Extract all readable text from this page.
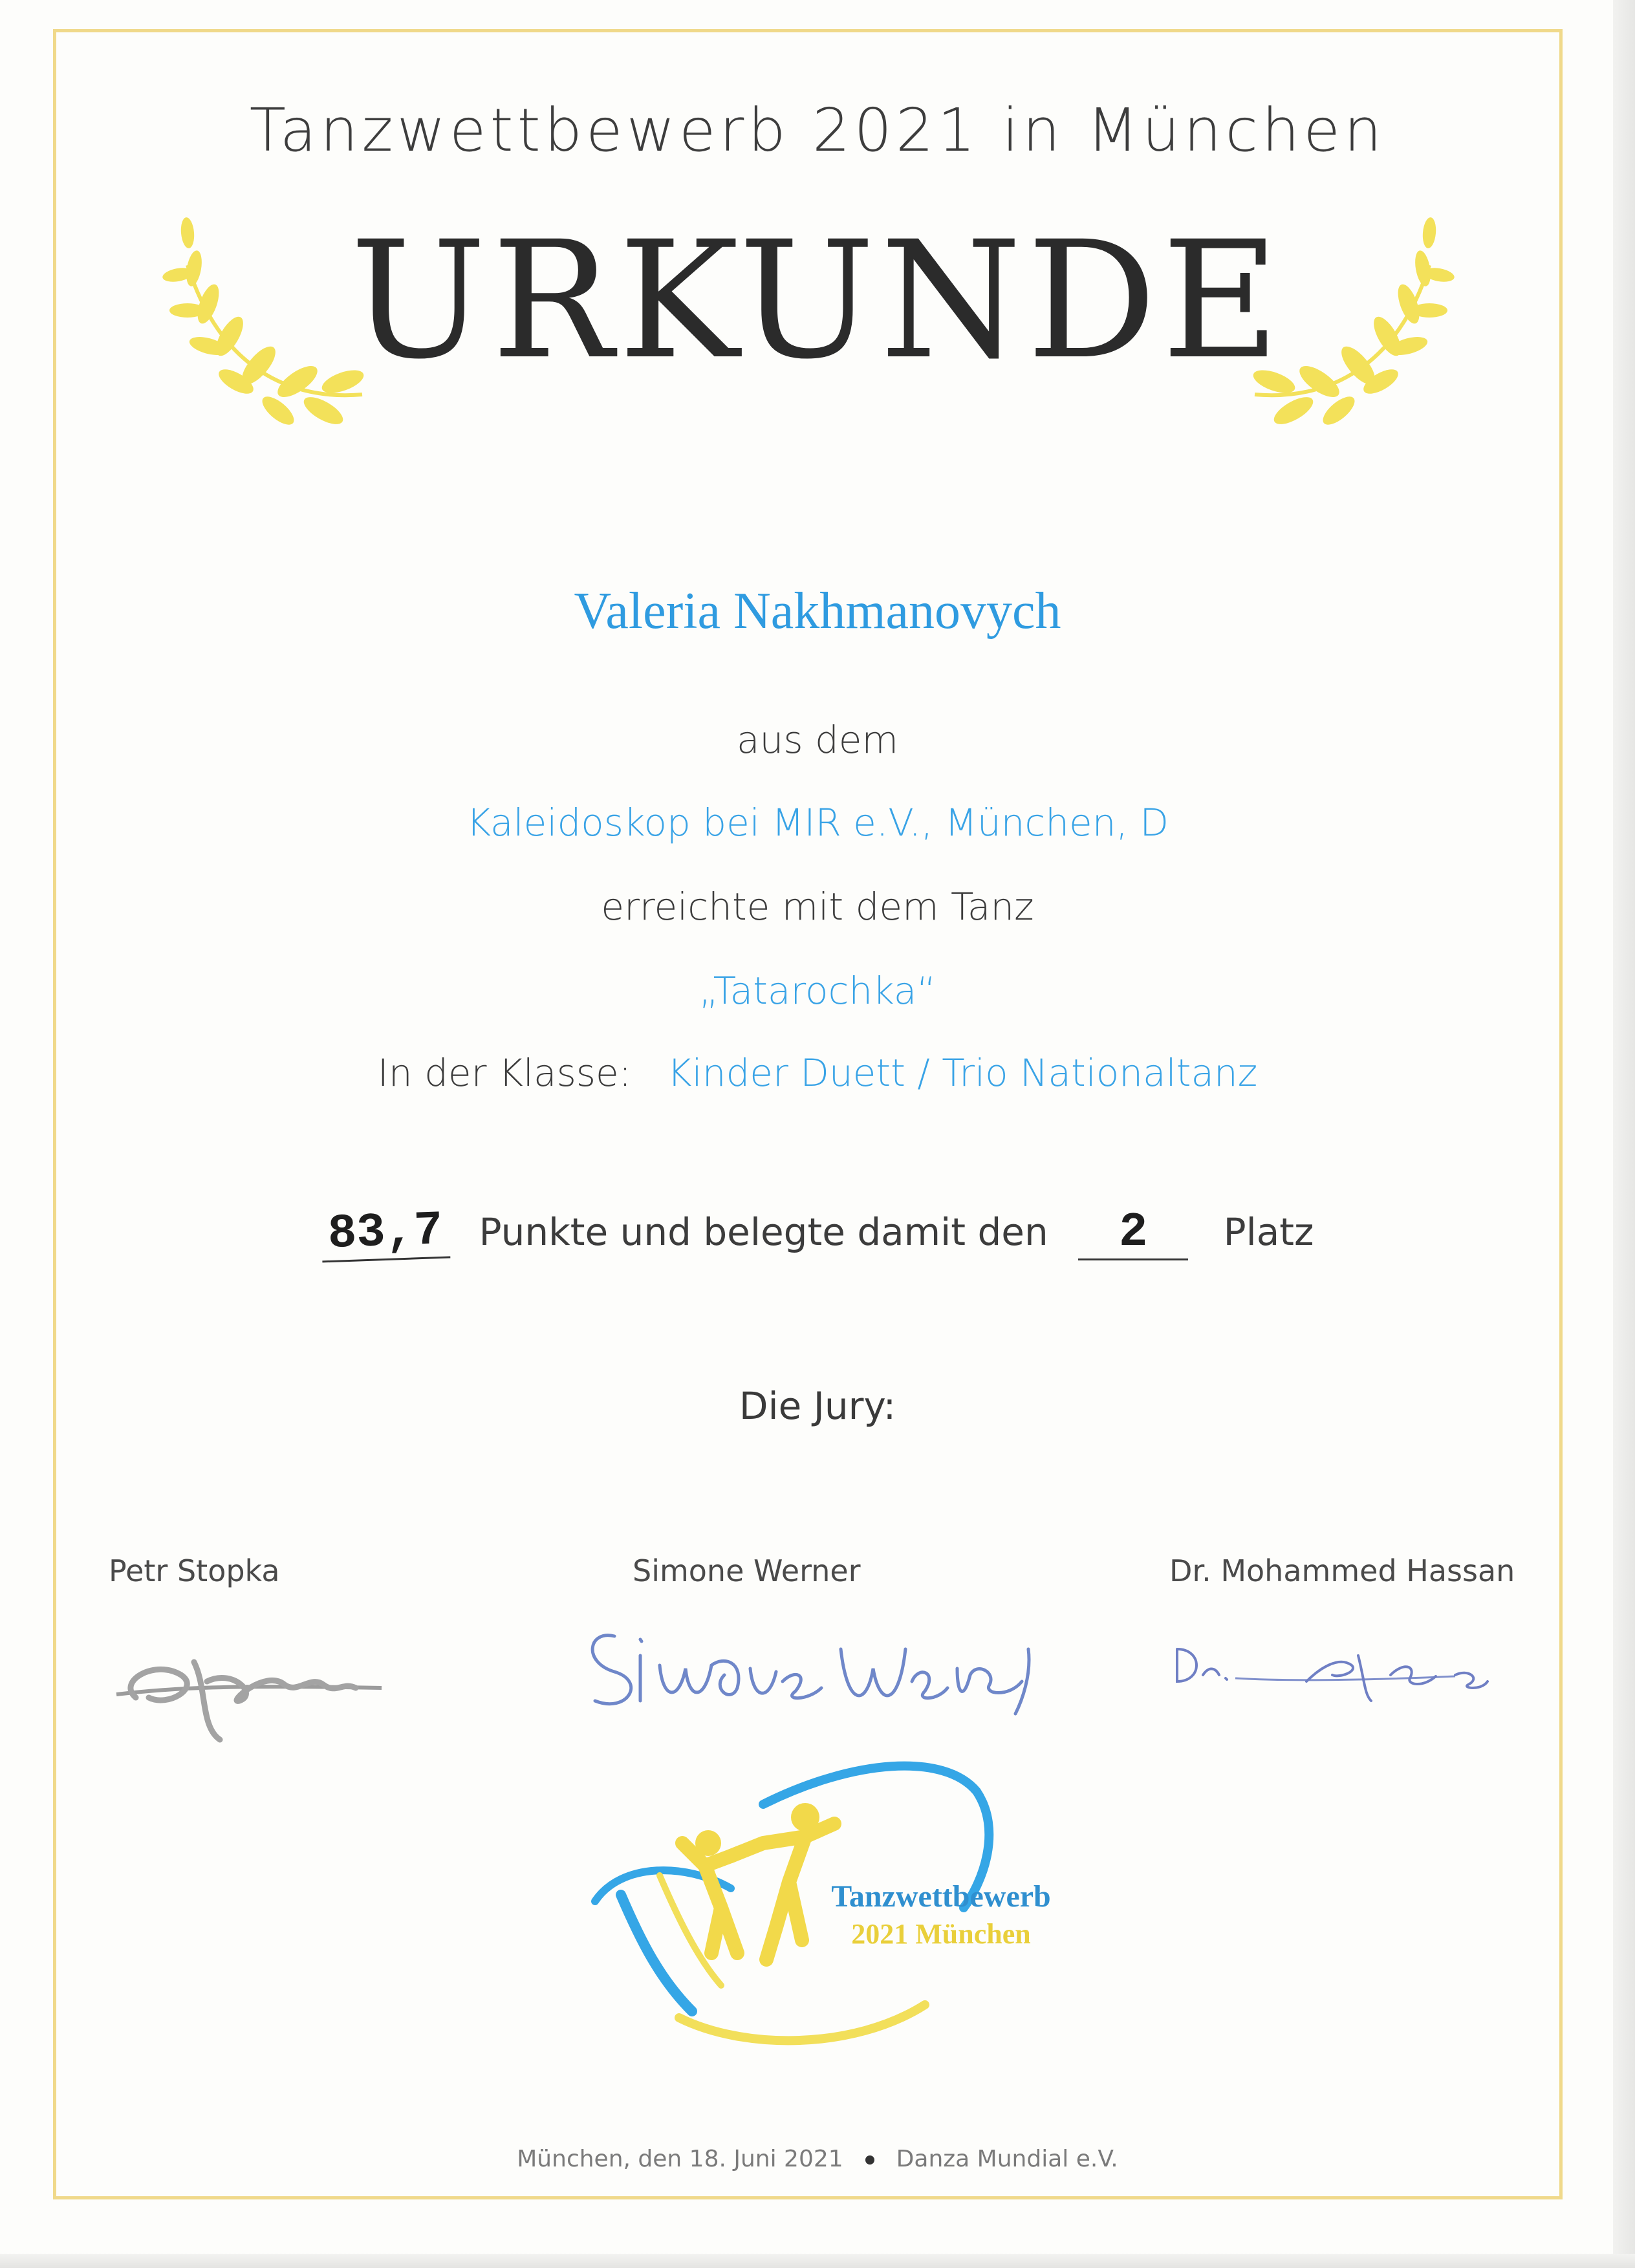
Tanzwettbewerb 2021 in München
URKUNDE
Valeria Nakhmanovych
aus dem
Kaleidoskop bei MIR e.V., München, D
erreichte mit dem Tanz
„Tatarochka“
In der Klasse: Kinder Duett / Trio Nationaltanz
83,7 Punkte und belegte damit den 2 Platz
Die Jury:
Petr Stopka	Simone Werner	Dr. Mohammed Hassan
Tanzwettbewerb
2021 München
München, den 18. Juni 2021 Danza Mundial e.V.
